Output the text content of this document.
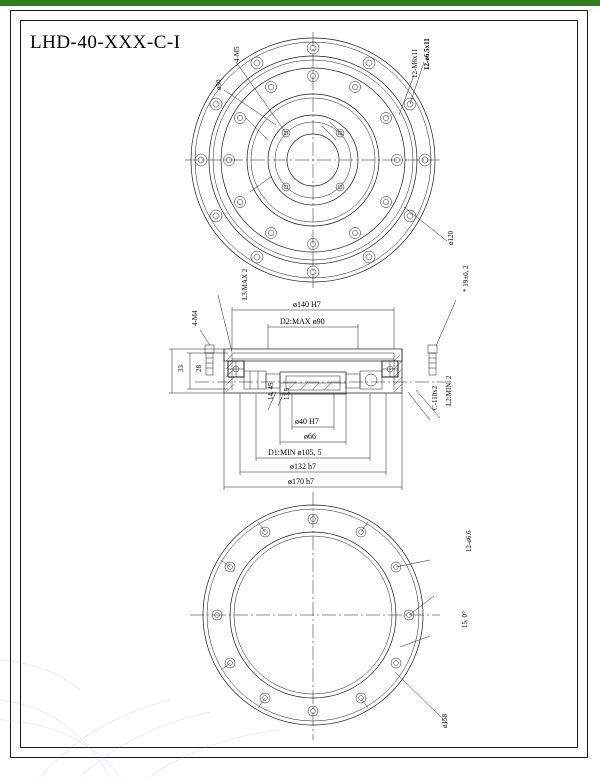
LHD-40-XXX-C-I
4-M5
ø50
12-M6x11 12-ø6.5x11
ø120
L3:MAX 2
ø140 H7
D2:MAX ø90
* 19±0, 2
4-M4
33 28
14, 45 13,5
ø40 H7
ø66
C-110x2 L2:MIN. 2
D1:MIN ø105, 5
ø132 h7
ø170 h7
12-ø6.6
15, 0°
ø158
